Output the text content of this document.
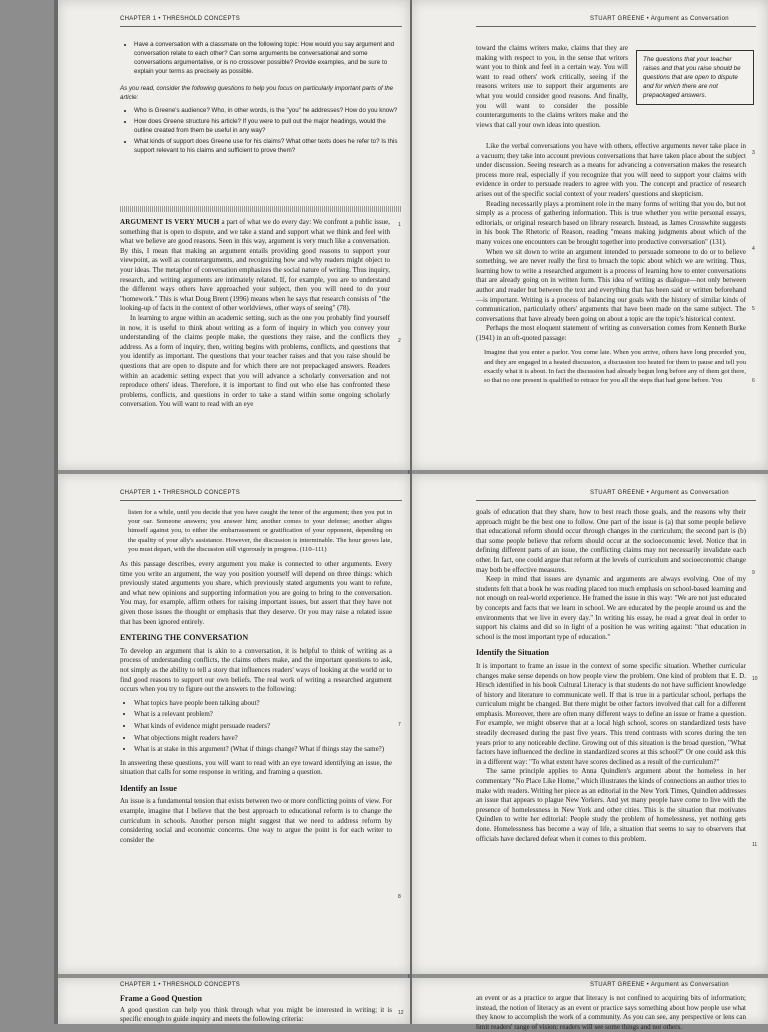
CHAPTER 1 • THRESHOLD CONCEPTS
• Have a conversation with a classmate on the following topic: How would you say argument and conversation relate to each other? Can some arguments be conversational and some conversations argumentative, or is no crossover possible? Provide examples, and be sure to explain your terms as precisely as possible.

As you read, consider the following questions to help you focus on particularly important parts of the article:

• Who is Greene's audience? Who, in other words, is the "you" he addresses? How do you know?
• How does Greene structure his article? If you were to pull out the major headings, would the outline created from them be useful in any way?
• What kinds of support does Greene use for his claims? What other texts does he refer to? Is this support relevant to his claims and sufficient to prove them?

ARGUMENT IS VERY MUCH a part of what we do every day: We confront a public issue, something that is open to dispute, and we take a stand and support what we think and feel with what we believe are good reasons. Seen in this way, argument is very much like a conversation. By this, I mean that making an argument entails providing good reasons to support your viewpoint, as well as counterarguments, and recognizing how and why readers might object to your ideas. The metaphor of conversation emphasizes the social nature of writing. Thus inquiry, research, and writing arguments are intimately related. If, for example, you are to understand the different ways others have approached your subject, then you will need to do your "homework." This is what Doug Brent (1996) means when he says that research consists of "the looking-up of facts in the context of other worldviews, other ways of seeing" (78).

In learning to argue within an academic setting, such as the one you probably find yourself in now, it is useful to think about writing as a form of inquiry in which you convey your understanding of the claims people make, the questions they raise, and the conflicts they address. As a form of inquiry, then, writing begins with problems, conflicts, and questions that you identify as important. The questions that your teacher raises and that you raise should be questions that are open to dispute and for which there are not prepackaged answers. Readers within an academic setting expect that you will advance a scholarly conversation and not reproduce others' ideas. Therefore, it is important to find out who else has confronted these problems, conflicts, and questions in order to take a stand within some ongoing scholarly conversation. You will want to read with an eye

1
2
STUART GREENE • Argument as Conversation

toward the claims writers make, claims that they are making with respect to you, in the sense that writers want you to think and feel in a certain way. You will want to read others' work critically, seeing if the reasons writers use to support their arguments are what you would consider good reasons. And finally, you will want to consider the possible counterarguments to the claims writers make and the views that call your own ideas into question.

The questions that your teacher raises and that you raise should be questions that are open to dispute and for which there are not prepackaged answers.

Like the verbal conversations you have with others, effective arguments never take place in a vacuum; they take into account previous conversations that have taken place about the subject under discussion. Seeing research as a means for advancing a conversation makes the research process more real, especially if you recognize that you will need to support your claims with evidence in order to persuade readers to agree with you. The concept and practice of research arises out of the specific social context of your readers' questions and skepticism.

Reading necessarily plays a prominent role in the many forms of writing that you do, but not simply as a process of gathering information. This is true whether you write personal essays, editorials, or original research based on library research. Instead, as James Crosswhite suggests in his book The Rhetoric of Reason, reading "means making judgments about which of the many voices one encounters can be brought together into productive conversation" (131).

When we sit down to write an argument intended to persuade someone to do or to believe something, we are never really the first to broach the topic about which we are writing. Thus, learning how to write a researched argument is a process of learning how to enter conversations that are already going on in written form. This idea of writing as dialogue—not only between author and reader but between the text and everything that has been said or written beforehand—is important. Writing is a process of balancing our goals with the history of similar kinds of communication, particularly others' arguments that have been made on the same subject. The conversations that have already been going on about a topic are the topic's historical context.

Perhaps the most eloquent statement of writing as conversation comes from Kenneth Burke (1941) in an oft-quoted passage:

Imagine that you enter a parlor. You come late. When you arrive, others have long preceded you, and they are engaged in a heated discussion, a discussion too heated for them to pause and tell you exactly what it is about. In fact the discussion had already begun long before any of them got there, so that no one present is qualified to retrace for you all the steps that had gone before. You

3
4
5
6
CHAPTER 1 • THRESHOLD CONCEPTS

listen for a while, until you decide that you have caught the tenor of the argument; then you put in your oar. Someone answers; you answer him; another comes to your defense; another aligns himself against you, to either the embarrassment or gratification of your opponent, depending on the quality of your ally's assistance. However, the discussion is interminable. The hour grows late, you must depart, with the discussion still vigorously in progress. (110–111)

As this passage describes, every argument you make is connected to other arguments. Every time you write an argument, the way you position yourself will depend on three things: which previously stated arguments you share, which previously stated arguments you want to refute, and what new opinions and supporting information you are going to bring to the conversation. You may, for example, affirm others for raising important issues, but assert that they have not given those issues the thought or emphasis that they deserve. Or you may raise a related issue that has been ignored entirely.

ENTERING THE CONVERSATION

To develop an argument that is akin to a conversation, it is helpful to think of writing as a process of understanding conflicts, the claims others make, and the important questions to ask, not simply as the ability to tell a story that influences readers' ways of looking at the world or to find good reasons to support our own beliefs. The real work of writing a researched argument occurs when you try to figure out the answers to the following:

• What topics have people been talking about?
• What is a relevant problem?
• What kinds of evidence might persuade readers?
• What objections might readers have?
• What is at stake in this argument? (What if things change? What if things stay the same?)

In answering these questions, you will want to read with an eye toward identifying an issue, the situation that calls for some response in writing, and framing a question.

Identify an Issue

An issue is a fundamental tension that exists between two or more conflicting points of view. For example, imagine that I believe that the best approach to educational reform is to change the curriculum in schools. Another person might suggest that we need to address reform by considering social and economic concerns. One way to argue the point is for each writer to consider the

7
8
STUART GREENE • Argument as Conversation

goals of education that they share, how to best reach those goals, and the reasons why their approach might be the best one to follow. One part of the issue is (a) that some people believe that educational reform should occur through changes in the curriculum; the second part is (b) that some people believe that reform should occur at the socioeconomic level. Notice that in defining different parts of an issue, the conflicting claims may not necessarily invalidate each other. In fact, one could argue that reform at the levels of curriculum and socioeconomic change may both be effective measures.

Keep in mind that issues are dynamic and arguments are always evolving. One of my students felt that a book he was reading placed too much emphasis on school-based learning and not enough on real-world experience. He framed the issue in this way: "We are not just educated by concepts and facts that we learn in school. We are educated by the people around us and the environments that we live in every day." In writing his essay, he read a great deal in order to support his claims and did so in light of a position he was writing against: "that education in school is the most important type of education."

Identify the Situation

It is important to frame an issue in the context of some specific situation. Whether curricular changes make sense depends on how people view the problem. One kind of problem that E. D. Hirsch identified in his book Cultural Literacy is that students do not have sufficient knowledge of history and literature to communicate well. If that is true in a particular school, perhaps the curriculum might be changed. But there might be other factors involved that call for a different emphasis. Moreover, there are often many different ways to define an issue or frame a question. For example, we might observe that at a local high school, scores on standardized tests have steadily decreased during the past five years. This trend contrasts with scores during the ten years prior to any noticeable decline. Growing out of this situation is the broad question, "What factors have influenced the decline in standardized scores at this school?" Or one could ask this in a different way: "To what extent have scores declined as a result of the curriculum?"

The same principle applies to Anna Quindlen's argument about the homeless in her commentary "No Place Like Home," which illustrates the kinds of connections an author tries to make with readers. Writing her piece as an editorial in the New York Times, Quindlen addresses an issue that appears to plague New Yorkers. And yet many people have come to live with the presence of homelessness in New York and other cities. This is the situation that motivates Quindlen to write her editorial: People study the problem of homelessness, yet nothing gets done. Homelessness has become a way of life, a situation that seems to say to observers that officials have declared defeat when it comes to this problem.

9
10
11
CHAPTER 1 • THRESHOLD CONCEPTS

Frame a Good Question

A good question can help you think through what you might be interested in writing; it is specific enough to guide inquiry and meets the following criteria:

12
STUART GREENE • Argument as Conversation

an event or as a practice to argue that literacy is not confined to acquiring bits of information; instead, the notion of literacy as an event or practice says something about how people use what they know to accomplish the work of a community. As you can see, any perspective or lens can limit readers' range of vision: readers will see some things and not others.
